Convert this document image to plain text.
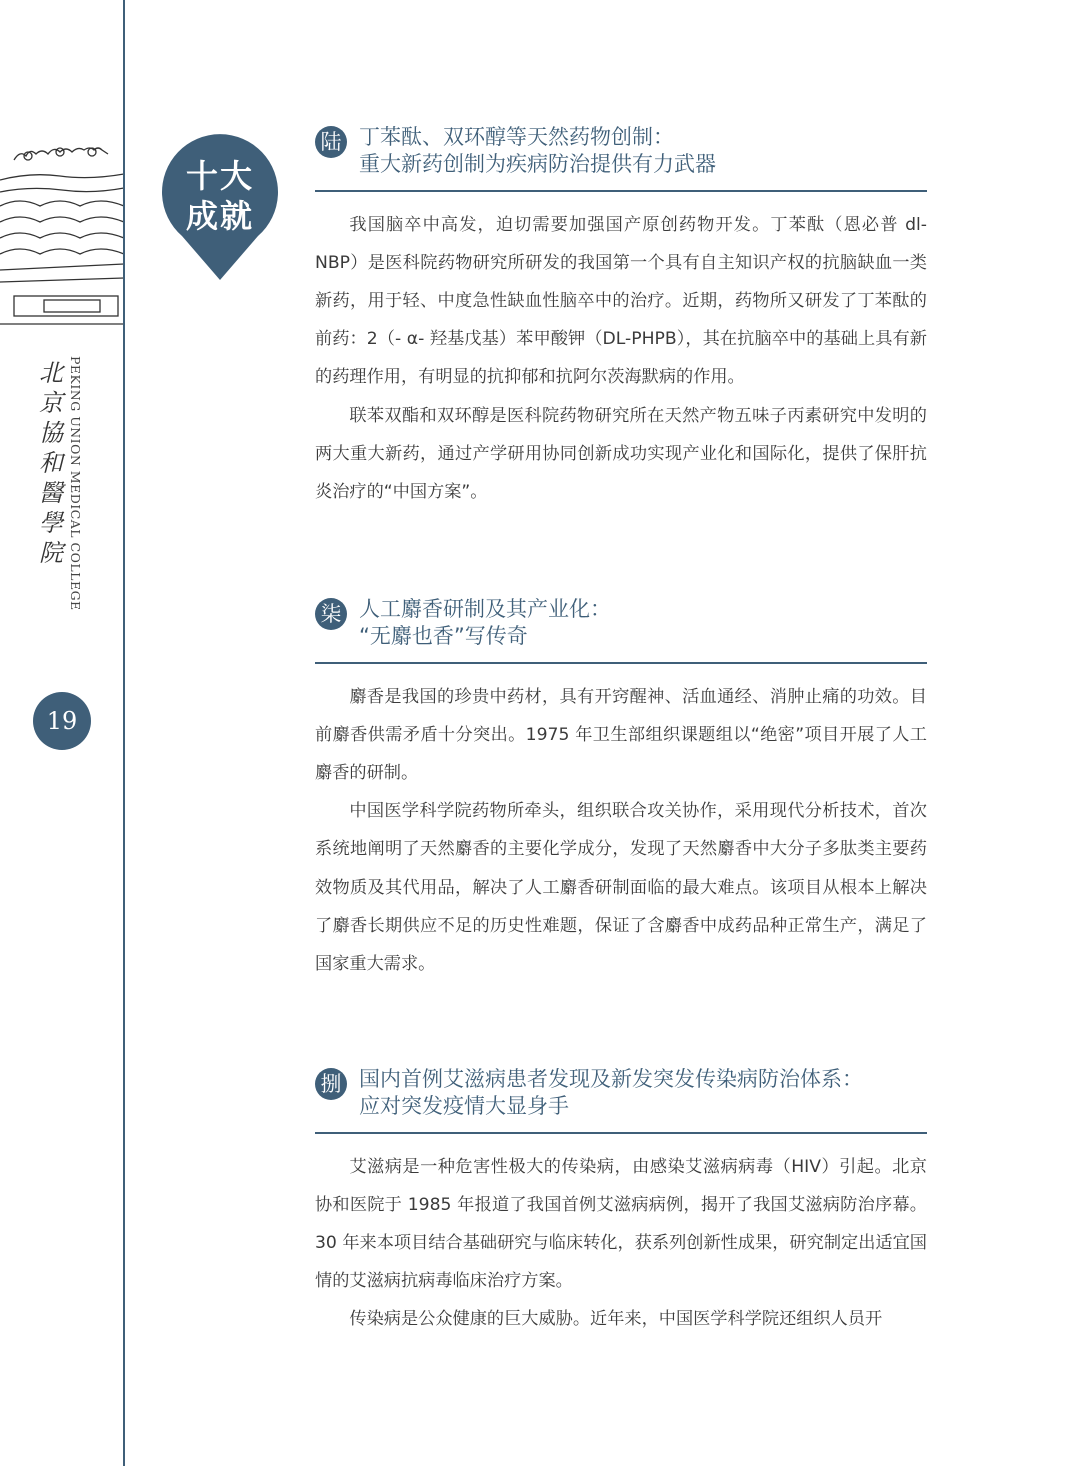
北京協和醫學院 PEKING UNION MEDICAL COLLEGE
19
十大
成就
陆 丁苯酞、双环醇等天然药物创制：
重大新药创制为疾病防治提供有力武器

我国脑卒中高发，迫切需要加强国产原创药物开发。丁苯酞（恩必普 dl-NBP）是医科院药物研究所研发的我国第一个具有自主知识产权的抗脑缺血一类新药，用于轻、中度急性缺血性脑卒中的治疗。近期，药物所又研发了丁苯酞的前药：2（- α- 羟基戊基）苯甲酸钾（DL-PHPB），其在抗脑卒中的基础上具有新的药理作用，有明显的抗抑郁和抗阿尔茨海默病的作用。

联苯双酯和双环醇是医科院药物研究所在天然产物五味子丙素研究中发明的两大重大新药，通过产学研用协同创新成功实现产业化和国际化，提供了保肝抗炎治疗的“中国方案”。

柒 人工麝香研制及其产业化：
“无麝也香”写传奇

麝香是我国的珍贵中药材，具有开窍醒神、活血通经、消肿止痛的功效。目前麝香供需矛盾十分突出。1975 年卫生部组织课题组以“绝密”项目开展了人工麝香的研制。

中国医学科学院药物所牵头，组织联合攻关协作，采用现代分析技术，首次系统地阐明了天然麝香的主要化学成分，发现了天然麝香中大分子多肽类主要药效物质及其代用品，解决了人工麝香研制面临的最大难点。该项目从根本上解决了麝香长期供应不足的历史性难题，保证了含麝香中成药品种正常生产，满足了国家重大需求。

捌 国内首例艾滋病患者发现及新发突发传染病防治体系：
应对突发疫情大显身手

艾滋病是一种危害性极大的传染病，由感染艾滋病病毒（HIV）引起。北京协和医院于 1985 年报道了我国首例艾滋病病例，揭开了我国艾滋病防治序幕。30 年来本项目结合基础研究与临床转化，获系列创新性成果，研究制定出适宜国情的艾滋病抗病毒临床治疗方案。

传染病是公众健康的巨大威胁。近年来，中国医学科学院还组织人员开
